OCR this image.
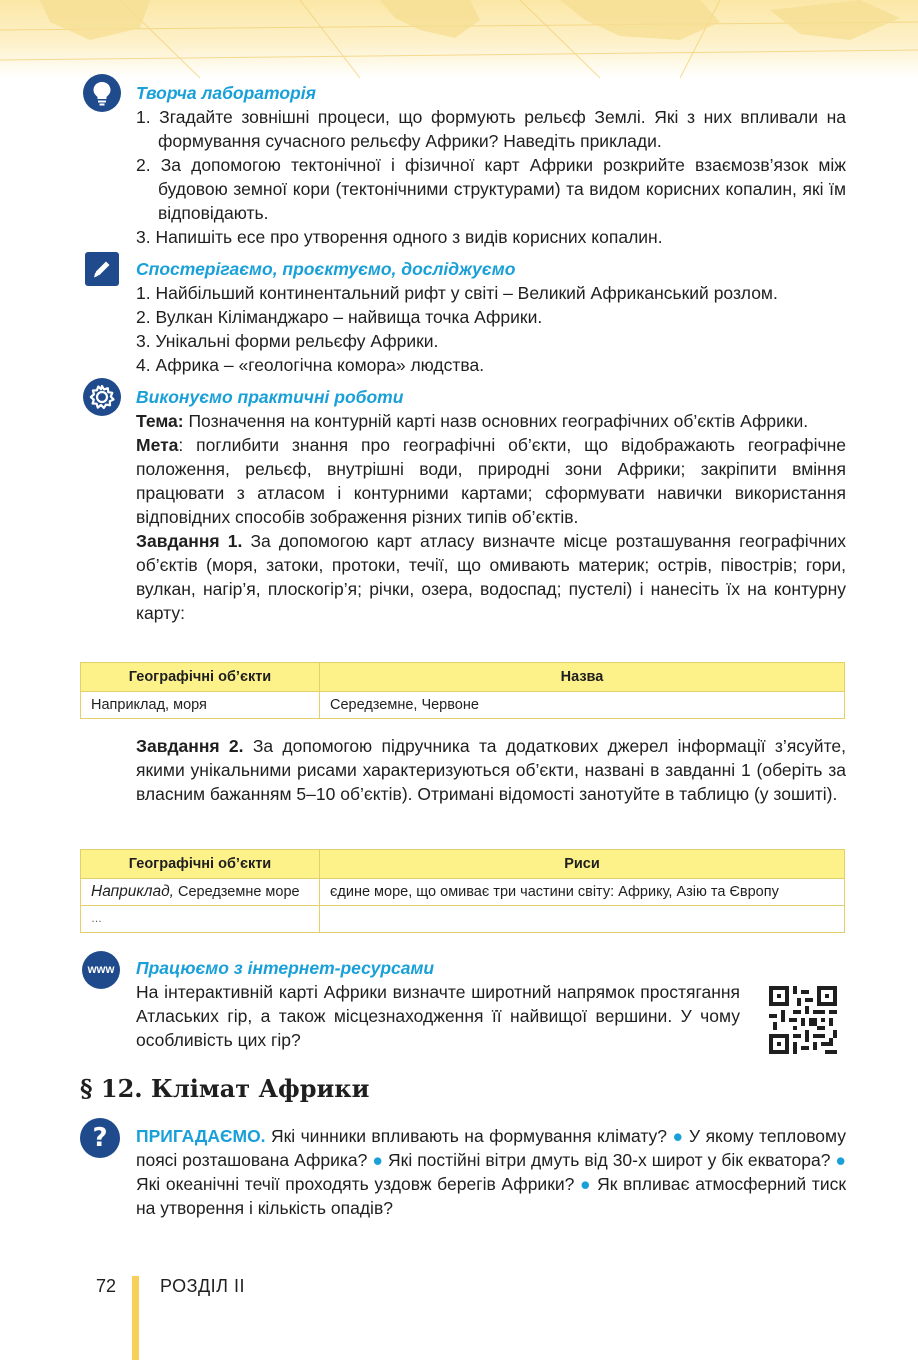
Творча лабораторія

1. Згадайте зовнішні процеси, що формують рельєф Землі. Які з них впливали на формування сучасного рельєфу Африки? Наведіть приклади.
2. За допомогою тектонічної і фізичної карт Африки розкрийте взаємозв’язок між будовою земної кори (тектонічними структурами) та видом корисних копалин, які їм відповідають.
3. Напишіть есе про утворення одного з видів корисних копалин.

Спостерігаємо, проєктуємо, досліджуємо

1. Найбільший континентальний рифт у світі – Великий Африканський розлом.
2. Вулкан Кіліманджаро – найвища точка Африки.
3. Унікальні форми рельєфу Африки.
4. Африка – «геологічна комора» людства.

Виконуємо практичні роботи

Тема: Позначення на контурній карті назв основних географічних об’єктів Африки.

Мета: поглибити знання про географічні об’єкти, що відображають географічне положення, рельєф, внутрішні води, природні зони Африки; закріпити вміння працювати з атласом і контурними картами; сформувати навички використання відповідних способів зображення різних типів об’єктів.

Завдання 1. За допомогою карт атласу визначте місце розташування географічних об’єктів (моря, затоки, протоки, течії, що омивають материк; острів, півострів; гори, вулкан, нагір’я, плоскогір’я; річки, озера, водоспад; пустелі) і нанесіть їх на контурну карту:

Географічні об’єкти	Назва
Наприклад, моря	Середземне, Червоне

Завдання 2. За допомогою підручника та додаткових джерел інформації з’ясуйте, якими унікальними рисами характеризуються об’єкти, названі в завданні 1 (оберіть за власним бажанням 5–10 об’єктів). Отримані відомості занотуйте в таблицю (у зошиті).

Географічні об’єкти	Риси
Наприклад, Середземне море	єдине море, що омиває три частини світу: Африку, Азію та Європу
…	
www Працюємо з інтернет-ресурсами

На інтерактивній карті Африки визначте широтний напрямок простягання Атлаських гір, а також місцезнаходження її найвищої вершини. У чому особливість цих гір?

§ 12. Клімат Африки
? ПРИГАДАЄМО. Які чинники впливають на формування клімату? ● У якому тепловому поясі розташована Африка? ● Які постійні вітри дмуть від 30-х широт у бік екватора? ● Які океанічні течії проходять уздовж берегів Африки? ● Як впливає атмосферний тиск на утворення і кількість опадів?

72 РОЗДІЛ II
